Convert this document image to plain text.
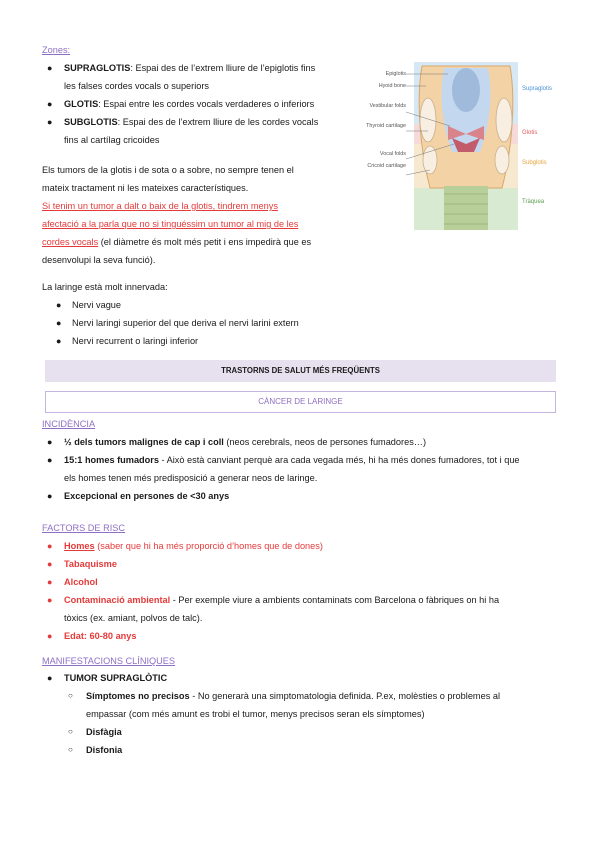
Zones:
● SUPRAGLOTIS: Espai des de l’extrem lliure de l’epiglotis fins
les falses cordes vocals o superiors
● GLOTIS: Espai entre les cordes vocals verdaderes o inferiors
● SUBGLOTIS: Espai des de l’extrem lliure de les cordes vocals
fins al cartílag cricoides
Els tumors de la glotis i de sota o a sobre, no sempre tenen el
mateix tractament ni les mateixes característiques.
Si tenim un tumor a dalt o baix de la glotis, tindrem menys
afectació a la parla que no si tinguéssim un tumor al mig de les
cordes vocals (el diàmetre és molt més petit i ens impedirà que es
desenvolupi la seva funció).
La laringe està molt innervada:
● Nervi vague
● Nervi laringi superior del que deriva el nervi larini extern
● Nervi recurrent o laringi inferior
Epiglotis
Hyoid bone
Vestibular folds
Thyroid cartilage
Vocal folds
Cricoid cartilage
Supraglotis
Glotis
Subglotis
Tràquea
TRASTORNS DE SALUT MÉS FREQÜENTS
CÀNCER DE LARINGE
INCIDÈNCIA
● ½ dels tumors malignes de cap i coll (neos cerebrals, neos de persones fumadores…)
● 15:1 homes fumadors - Això està canviant perquè ara cada vegada més, hi ha més dones fumadores, tot i que
els homes tenen més predisposició a generar neos de laringe.
● Excepcional en persones de <30 anys
FACTORS DE RISC
● Homes (saber que hi ha més proporció d’homes que de dones)
● Tabaquisme
● Alcohol
● Contaminació ambiental - Per exemple viure a ambients contaminats com Barcelona o fàbriques on hi ha
tòxics (ex. amiant, polvos de talc).
● Edat: 60-80 anys
MANIFESTACIONS CLÍNIQUES
● TUMOR SUPRAGLÒTIC
○ Símptomes no precisos - No generarà una simptomatologia definida. P.ex, molèsties o problemes al
empassar (com més amunt es trobi el tumor, menys precisos seran els símptomes)
○ Disfàgia
○ Disfonia
